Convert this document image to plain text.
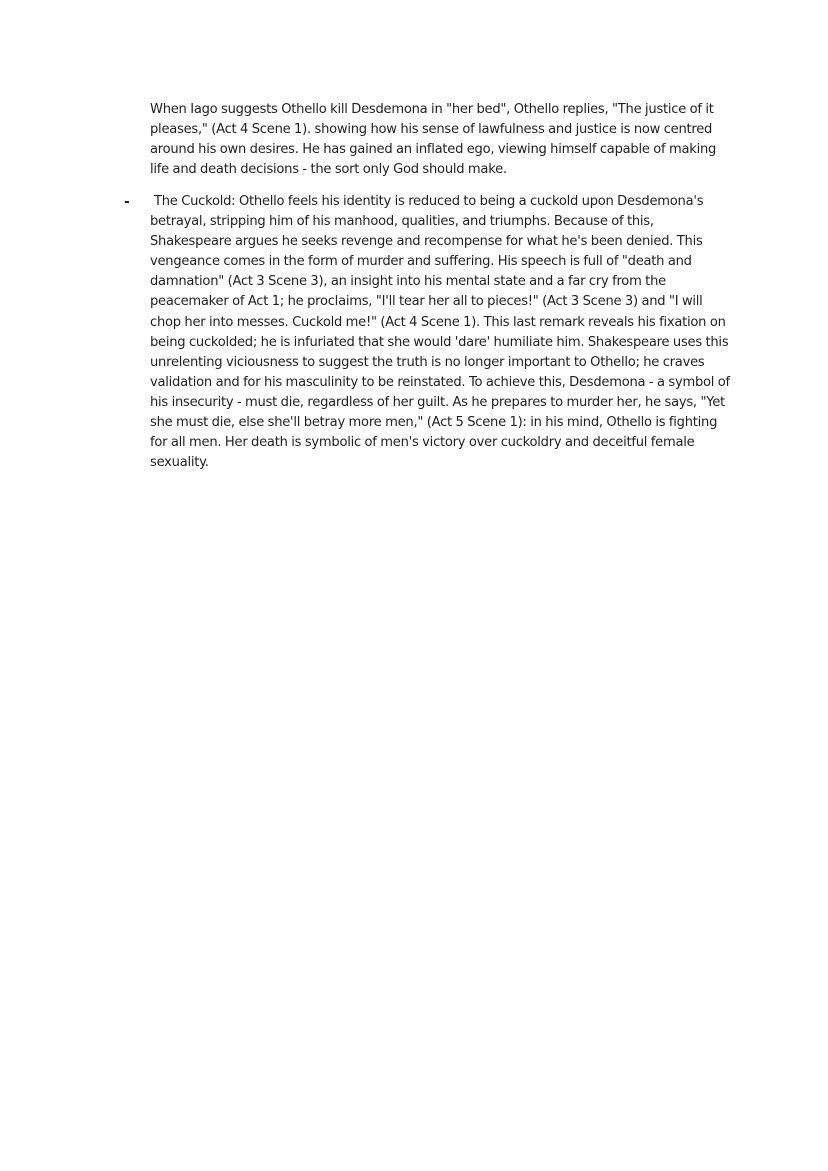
When Iago suggests Othello kill Desdemona in "her bed", Othello replies, "The justice of it pleases," (Act 4 Scene 1). showing how his sense of lawfulness and justice is now centred around his own desires. He has gained an inflated ego, viewing himself capable of making life and death decisions - the sort only God should make.

-	The Cuckold: Othello feels his identity is reduced to being a cuckold upon Desdemona's betrayal, stripping him of his manhood, qualities, and triumphs. Because of this, Shakespeare argues he seeks revenge and recompense for what he's been denied. This vengeance comes in the form of murder and suffering. His speech is full of "death and damnation" (Act 3 Scene 3), an insight into his mental state and a far cry from the peacemaker of Act 1; he proclaims, "I'll tear her all to pieces!" (Act 3 Scene 3) and "I will chop her into messes. Cuckold me!" (Act 4 Scene 1). This last remark reveals his fixation on being cuckolded; he is infuriated that she would 'dare' humiliate him. Shakespeare uses this unrelenting viciousness to suggest the truth is no longer important to Othello; he craves validation and for his masculinity to be reinstated. To achieve this, Desdemona - a symbol of his insecurity - must die, regardless of her guilt. As he prepares to murder her, he says, "Yet she must die, else she'll betray more men," (Act 5 Scene 1): in his mind, Othello is fighting for all men. Her death is symbolic of men's victory over cuckoldry and deceitful female sexuality.
